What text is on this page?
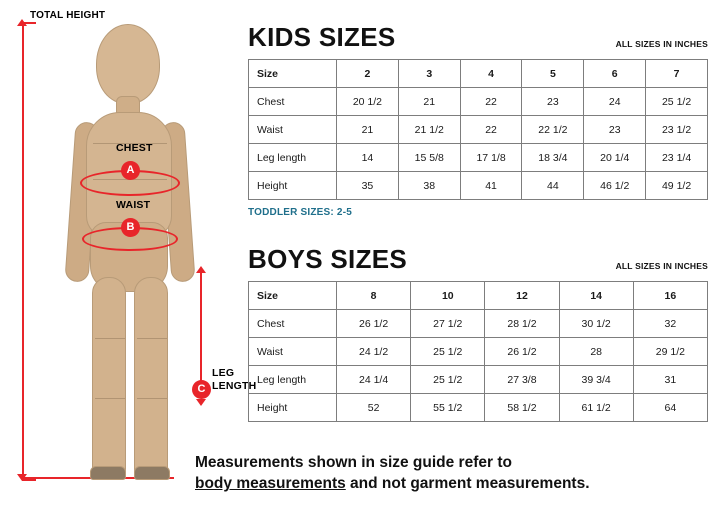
TOTAL HEIGHT
CHEST
A
WAIST
B
C
LEG
LENGTH
KIDS SIZES	ALL SIZES IN INCHES
Size	2	3	4	5	6	7
Chest	20 1/2	21	22	23	24	25 1/2
Waist	21	21 1/2	22	22 1/2	23	23 1/2
Leg length	14	15 5/8	17 1/8	18 3/4	20 1/4	23 1/4
Height	35	38	41	44	46 1/2	49 1/2
TODDLER SIZES: 2-5
BOYS SIZES	ALL SIZES IN INCHES
Size	8	10	12	14	16
Chest	26 1/2	27 1/2	28 1/2	30 1/2	32
Waist	24 1/2	25 1/2	26 1/2	28	29 1/2
Leg length	24 1/4	25 1/2	27 3/8	39 3/4	31
Height	52	55 1/2	58 1/2	61 1/2	64
Measurements shown in size guide refer to
body measurements and not garment measurements.
